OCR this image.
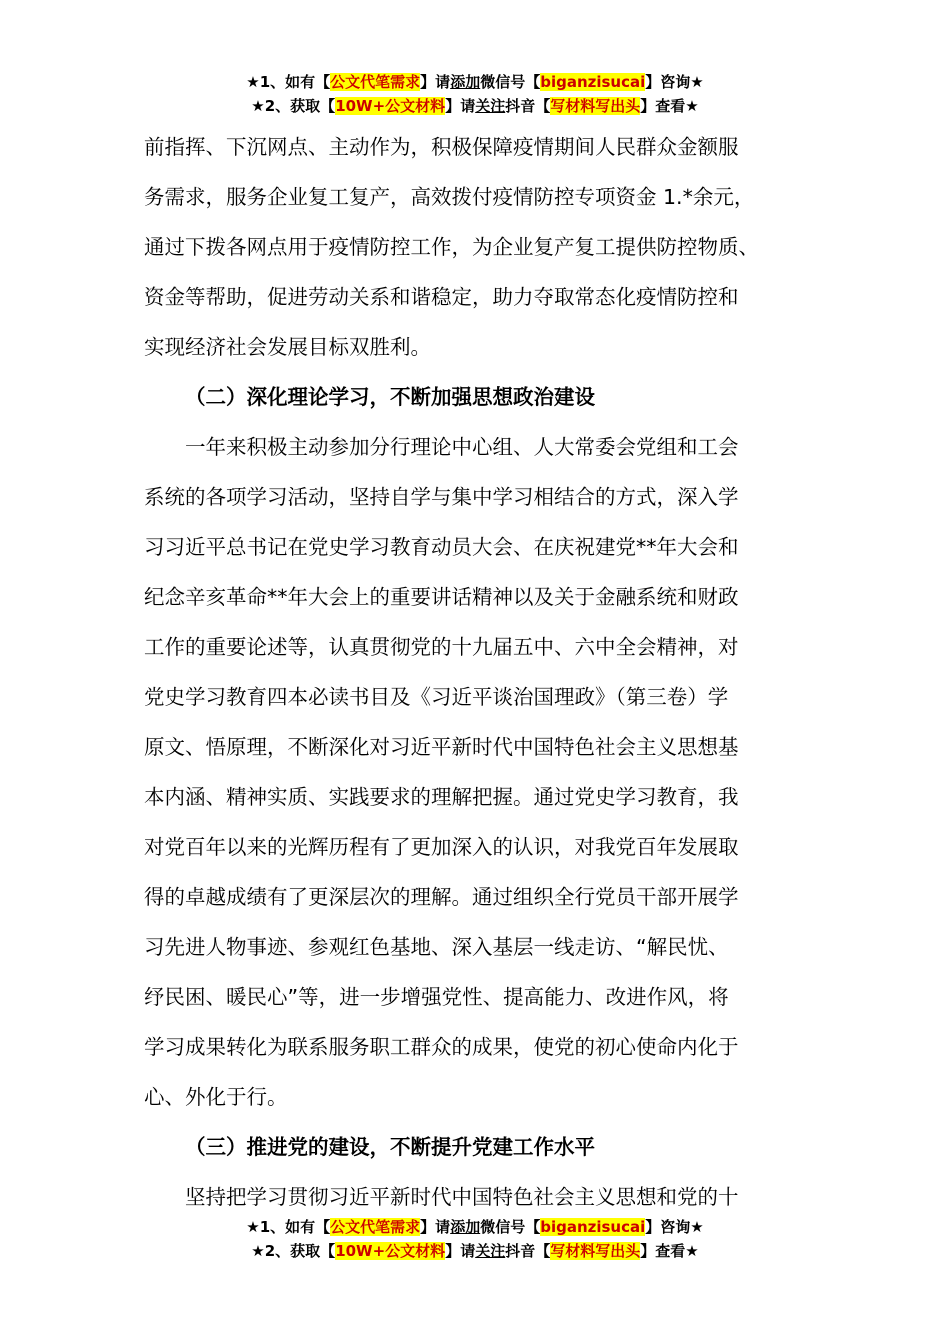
★1、如有【公文代笔需求】请添加微信号【biganzisucai】咨询★
★2、获取【10W+公文材料】请关注抖音【写材料写出头】查看★

前指挥、下沉网点、主动作为，积极保障疫情期间人民群众金额服

务需求，服务企业复工复产，高效拨付疫情防控专项资金 1.*余元，

通过下拨各网点用于疫情防控工作，为企业复产复工提供防控物质、

资金等帮助，促进劳动关系和谐稳定，助力夺取常态化疫情防控和

实现经济社会发展目标双胜利。

（二）深化理论学习，不断加强思想政治建设

一年来积极主动参加分行理论中心组、人大常委会党组和工会

系统的各项学习活动，坚持自学与集中学习相结合的方式，深入学

习习近平总书记在党史学习教育动员大会、在庆祝建党**年大会和

纪念辛亥革命**年大会上的重要讲话精神以及关于金融系统和财政

工作的重要论述等，认真贯彻党的十九届五中、六中全会精神，对

党史学习教育四本必读书目及《习近平谈治国理政》（第三卷）学

原文、悟原理，不断深化对习近平新时代中国特色社会主义思想基

本内涵、精神实质、实践要求的理解把握。通过党史学习教育，我

对党百年以来的光辉历程有了更加深入的认识，对我党百年发展取

得的卓越成绩有了更深层次的理解。通过组织全行党员干部开展学

习先进人物事迹、参观红色基地、深入基层一线走访、“解民忧、

纾民困、暖民心”等，进一步增强党性、提高能力、改进作风，将

学习成果转化为联系服务职工群众的成果，使党的初心使命内化于

心、外化于行。

（三）推进党的建设，不断提升党建工作水平

坚持把学习贯彻习近平新时代中国特色社会主义思想和党的十

★1、如有【公文代笔需求】请添加微信号【biganzisucai】咨询★
★2、获取【10W+公文材料】请关注抖音【写材料写出头】查看★
